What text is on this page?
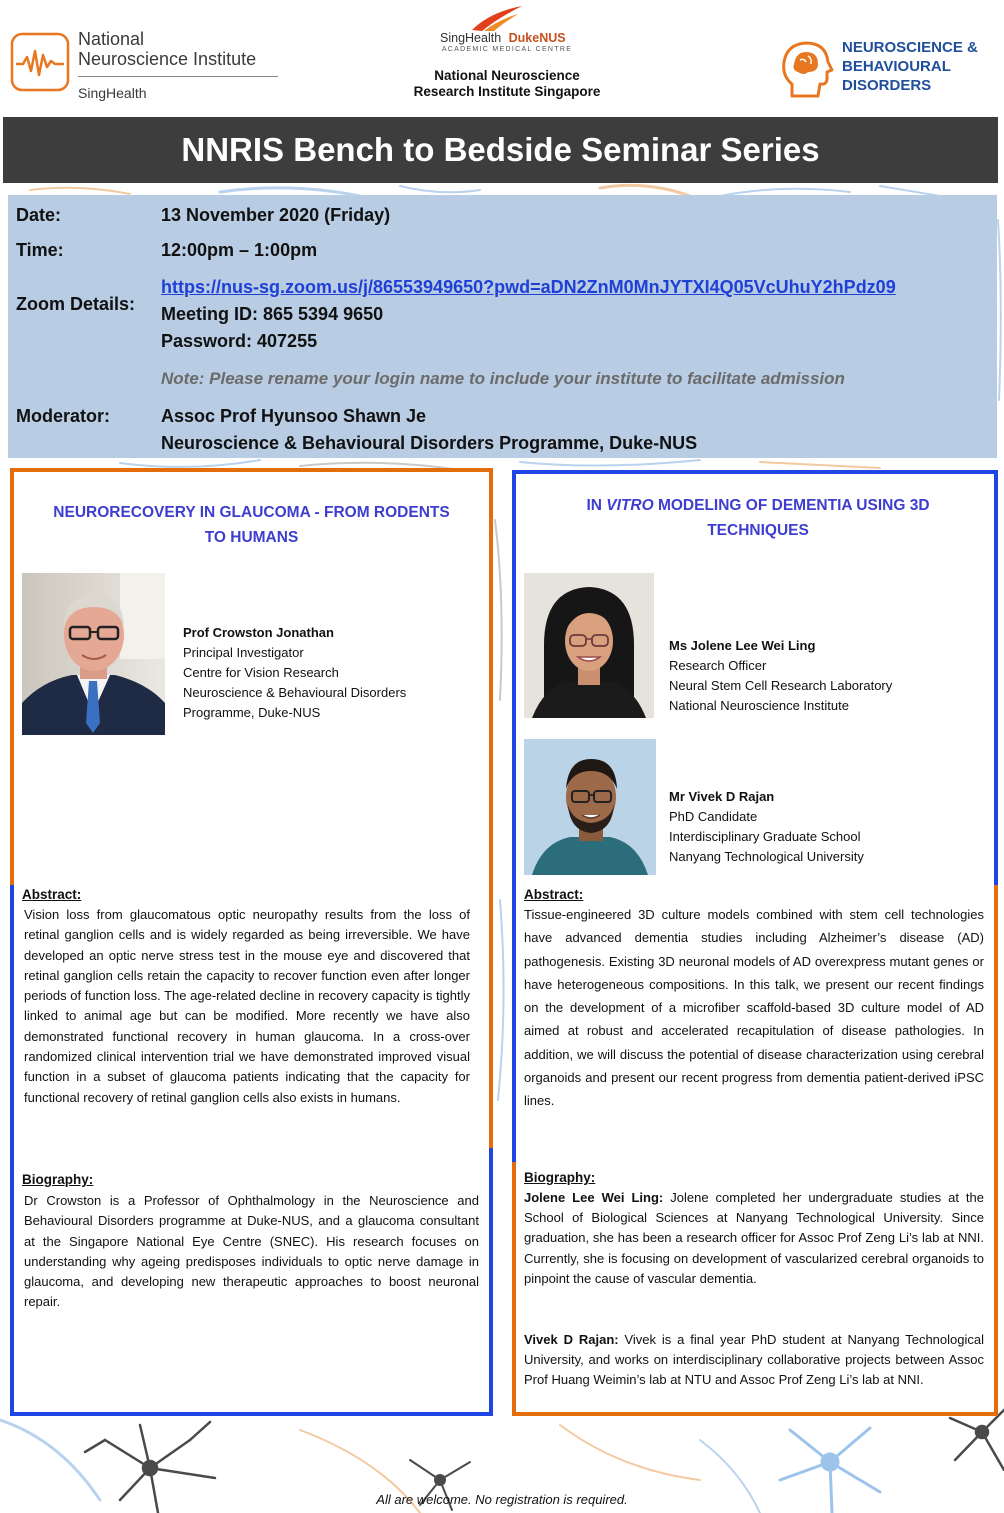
National
Neuroscience Institute
SingHealth
SingHealth DukeNUS
ACADEMIC MEDICAL CENTRE
National Neuroscience
Research Institute Singapore
NEUROSCIENCE &
BEHAVIOURAL
DISORDERS
NNRIS Bench to Bedside Seminar Series
Date:	13 November 2020 (Friday)
Time:	12:00pm – 1:00pm
Zoom Details:
https://nus-sg.zoom.us/j/86553949650?pwd=aDN2ZnM0MnJYTXI4Q05VcUhuY2hPdz09
Meeting ID: 865 5394 9650
Password: 407255
Note: Please rename your login name to include your institute to facilitate admission
Moderator:	Assoc Prof Hyunsoo Shawn Je
Neuroscience & Behavioural Disorders Programme, Duke-NUS
NEURORECOVERY IN GLAUCOMA - FROM RODENTS
TO HUMANS
Prof Crowston Jonathan
Principal Investigator
Centre for Vision Research
Neuroscience & Behavioural Disorders
Programme, Duke-NUS
Abstract:
Vision loss from glaucomatous optic neuropathy results from the loss of retinal ganglion cells and is widely regarded as being irreversible. We have developed an optic nerve stress test in the mouse eye and discovered that retinal ganglion cells retain the capacity to recover function even after longer periods of function loss. The age-related decline in recovery capacity is tightly linked to animal age but can be modified. More recently we have also demonstrated functional recovery in human glaucoma. In a cross-over randomized clinical intervention trial we have demonstrated improved visual function in a subset of glaucoma patients indicating that the capacity for functional recovery of retinal ganglion cells also exists in humans.
Biography:
Dr Crowston is a Professor of Ophthalmology in the Neuroscience and Behavioural Disorders programme at Duke-NUS, and a glaucoma consultant at the Singapore National Eye Centre (SNEC). His research focuses on understanding why ageing predisposes individuals to optic nerve damage in glaucoma, and developing new therapeutic approaches to boost neuronal repair.
IN VITRO MODELING OF DEMENTIA USING 3D
TECHNIQUES
Ms Jolene Lee Wei Ling
Research Officer
Neural Stem Cell Research Laboratory
National Neuroscience Institute
Mr Vivek D Rajan
PhD Candidate
Interdisciplinary Graduate School
Nanyang Technological University
Abstract:
Tissue-engineered 3D culture models combined with stem cell technologies have advanced dementia studies including Alzheimer’s disease (AD) pathogenesis. Existing 3D neuronal models of AD overexpress mutant genes or have heterogeneous compositions. In this talk, we present our recent findings on the development of a microfiber scaffold-based 3D culture model of AD aimed at robust and accelerated recapitulation of disease pathologies. In addition, we will discuss the potential of disease characterization using cerebral organoids and present our recent progress from dementia patient-derived iPSC lines.
Biography:
Jolene Lee Wei Ling: Jolene completed her undergraduate studies at the School of Biological Sciences at Nanyang Technological University. Since graduation, she has been a research officer for Assoc Prof Zeng Li’s lab at NNI. Currently, she is focusing on development of vascularized cerebral organoids to pinpoint the cause of vascular dementia.
Vivek D Rajan: Vivek is a final year PhD student at Nanyang Technological University, and works on interdisciplinary collaborative projects between Assoc Prof Huang Weimin’s lab at NTU and Assoc Prof Zeng Li’s lab at NNI.
All are welcome. No registration is required.
